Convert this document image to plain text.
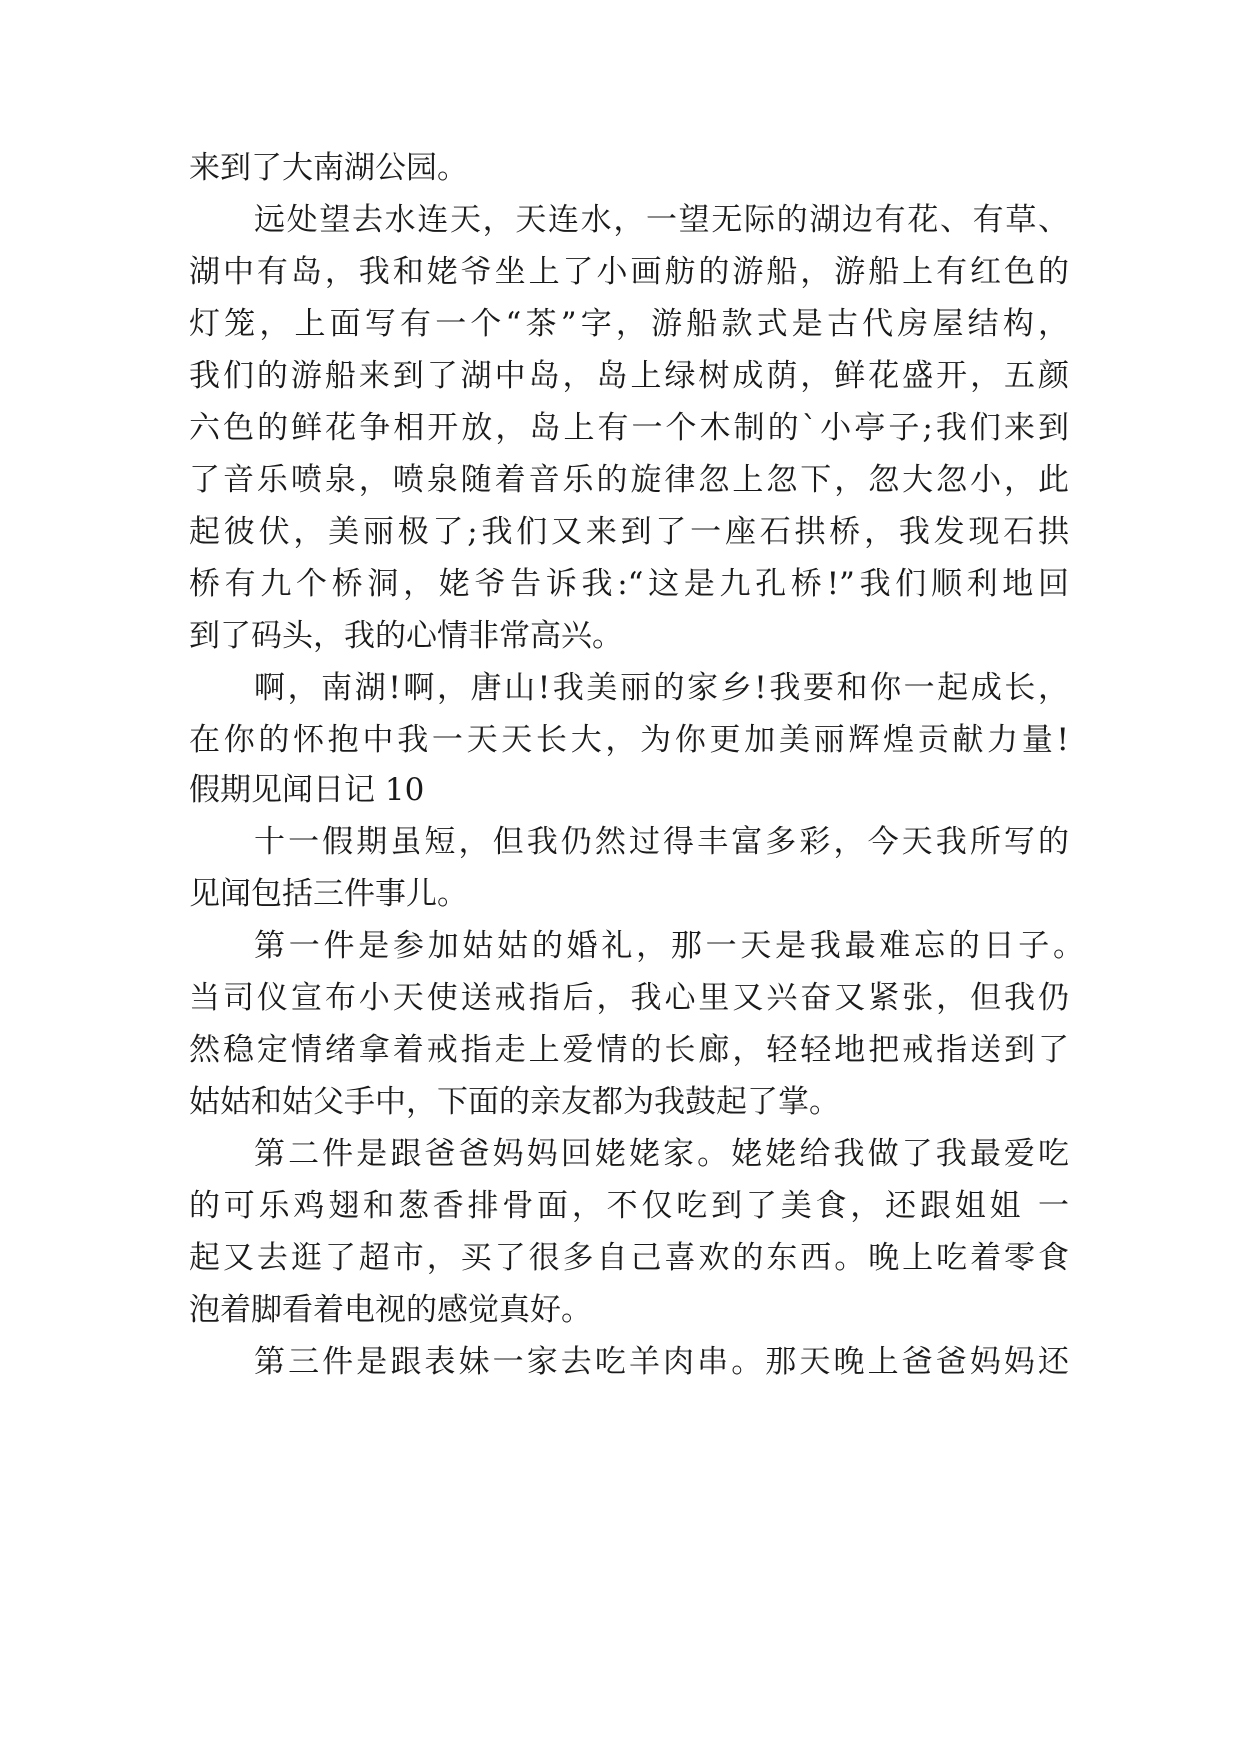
来到了大南湖公园。
远处望去水连天，天连水，一望无际的湖边有花、有草、
湖中有岛，我和姥爷坐上了小画舫的游船，游船上有红色的
灯笼，上面写有一个“茶”字，游船款式是古代房屋结构，
我们的游船来到了湖中岛，岛上绿树成荫，鲜花盛开，五颜
六色的鲜花争相开放，岛上有一个木制的`小亭子;我们来到
了音乐喷泉，喷泉随着音乐的旋律忽上忽下，忽大忽小，此
起彼伏，美丽极了;我们又来到了一座石拱桥，我发现石拱
桥有九个桥洞，姥爷告诉我:“这是九孔桥!”我们顺利地回
到了码头，我的心情非常高兴。
啊，南湖!啊，唐山!我美丽的家乡!我要和你一起成长，
在你的怀抱中我一天天长大，为你更加美丽辉煌贡献力量!
假期见闻日记 10
十一假期虽短，但我仍然过得丰富多彩，今天我所写的
见闻包括三件事儿。
第一件是参加姑姑的婚礼，那一天是我最难忘的日子。
当司仪宣布小天使送戒指后，我心里又兴奋又紧张，但我仍
然稳定情绪拿着戒指走上爱情的长廊，轻轻地把戒指送到了
姑姑和姑父手中，下面的亲友都为我鼓起了掌。
第二件是跟爸爸妈妈回姥姥家。姥姥给我做了我最爱吃
的可乐鸡翅和葱香排骨面，不仅吃到了美食，还跟姐姐 一
起又去逛了超市，买了很多自己喜欢的东西。晚上吃着零食
泡着脚看着电视的感觉真好。
第三件是跟表妹一家去吃羊肉串。那天晚上爸爸妈妈还
